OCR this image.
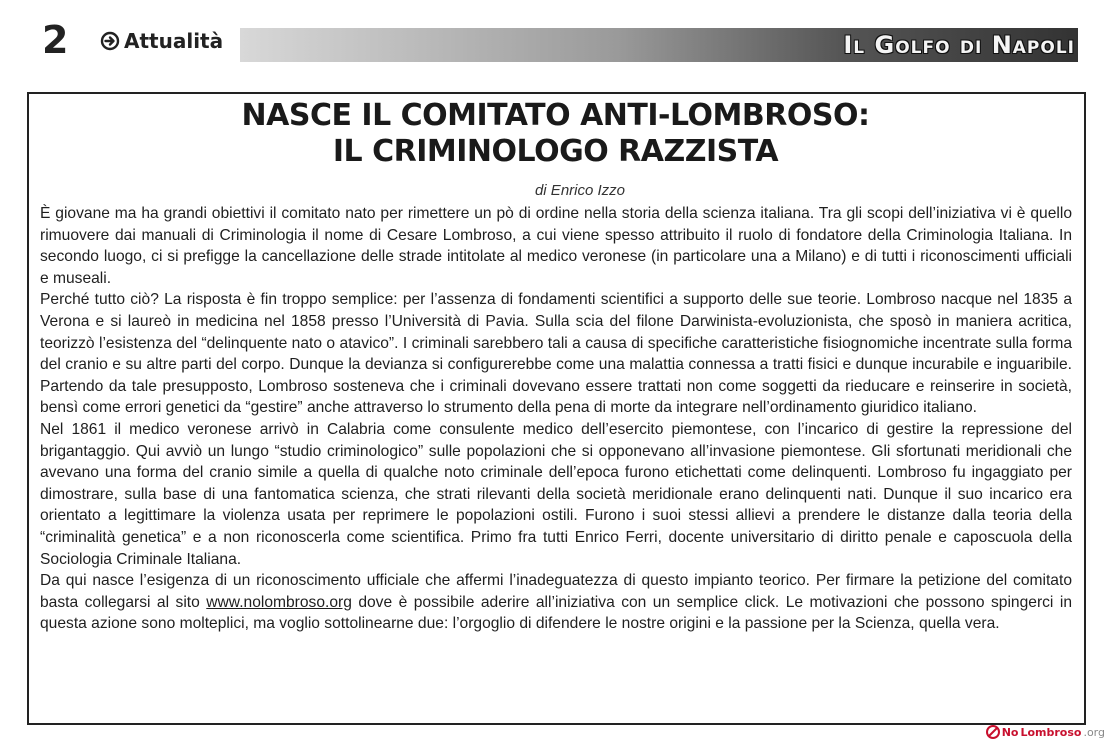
2	Attualità	Il Golfo di Napoli
NASCE IL COMITATO ANTI-LOMBROSO:
IL CRIMINOLOGO RAZZISTA
di Enrico Izzo

È giovane ma ha grandi obiettivi il comitato nato per rimettere un pò di ordine nella storia della scienza italiana. Tra gli scopi dell’iniziativa vi è quello rimuovere dai manuali di Criminologia il nome di Cesare Lombroso, a cui viene spesso attribuito il ruolo di fondatore della Criminologia Italiana. In secondo luogo, ci si prefigge la cancellazione delle strade intitolate al medico veronese (in particolare una a Milano) e di tutti i riconoscimenti ufficiali e museali.

Perché tutto ciò? La risposta è fin troppo semplice: per l’assenza di fondamenti scientifici a supporto delle sue teorie. Lombroso nacque nel 1835 a Verona e si laureò in medicina nel 1858 presso l’Università di Pavia. Sulla scia del filone Darwinista-evoluzionista, che sposò in maniera acritica, teorizzò l’esistenza del “delinquente nato o atavico”. I criminali sarebbero tali a causa di specifiche caratteristiche fisiognomiche incentrate sulla forma del cranio e su altre parti del corpo. Dunque la devianza si configurerebbe come una malattia connessa a tratti fisici e dunque incurabile e inguaribile. Partendo da tale presupposto, Lombroso sosteneva che i criminali dovevano essere trattati non come soggetti da rieducare e reinserire in società, bensì come errori genetici da “gestire” anche attraverso lo strumento della pena di morte da integrare nell’ordinamento giuridico italiano.

Nel 1861 il medico veronese arrivò in Calabria come consulente medico dell’esercito piemontese, con l’incarico di gestire la repressione del brigantaggio. Qui avviò un lungo “studio criminologico” sulle popolazioni che si opponevano all’invasione piemontese. Gli sfortunati meridionali che avevano una forma del cranio simile a quella di qualche noto criminale dell’epoca furono etichettati come delinquenti. Lombroso fu ingaggiato per dimostrare, sulla base di una fantomatica scienza, che strati rilevanti della società meridionale erano delinquenti nati. Dunque il suo incarico era orientato a legittimare la violenza usata per reprimere le popolazioni ostili. Furono i suoi stessi allievi a prendere le distanze dalla teoria della “criminalità genetica” e a non riconoscerla come scientifica. Primo fra tutti Enrico Ferri, docente universitario di diritto penale e caposcuola della Sociologia Criminale Italiana.

Da qui nasce l’esigenza di un riconoscimento ufficiale che affermi l’inadeguatezza di questo impianto teorico. Per firmare la petizione del comitato basta collegarsi al sito www.nolombroso.org dove è possibile aderire all’iniziativa con un semplice click. Le motivazioni che possono spingerci in questa azione sono molteplici, ma voglio sottolinearne due: l’orgoglio di difendere le nostre origini e la passione per la Scienza, quella vera.

No Lombroso .org
